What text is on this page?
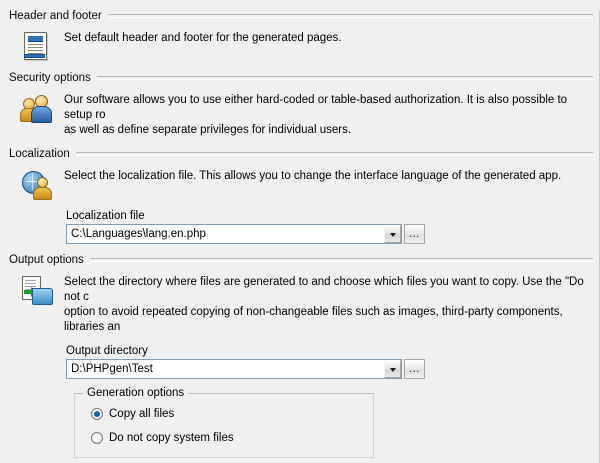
Header and footer
Set default header and footer for the generated pages.
Security options
Our software allows you to use either hard-coded or table-based authorization. It is also possible to setup ro
as well as define separate privileges for individual users.
Localization
Select the localization file. This allows you to change the interface language of the generated app.
Localization file
C:\Languages\lang.en.php	...
Output options
Select the directory where files are generated to and choose which files you want to copy. Use the "Do not c
option to avoid repeated copying of non-changeable files such as images, third-party components, libraries an
Output directory
D:\PHPgen\Test	...
Generation options
Copy all files
Do not copy system files
